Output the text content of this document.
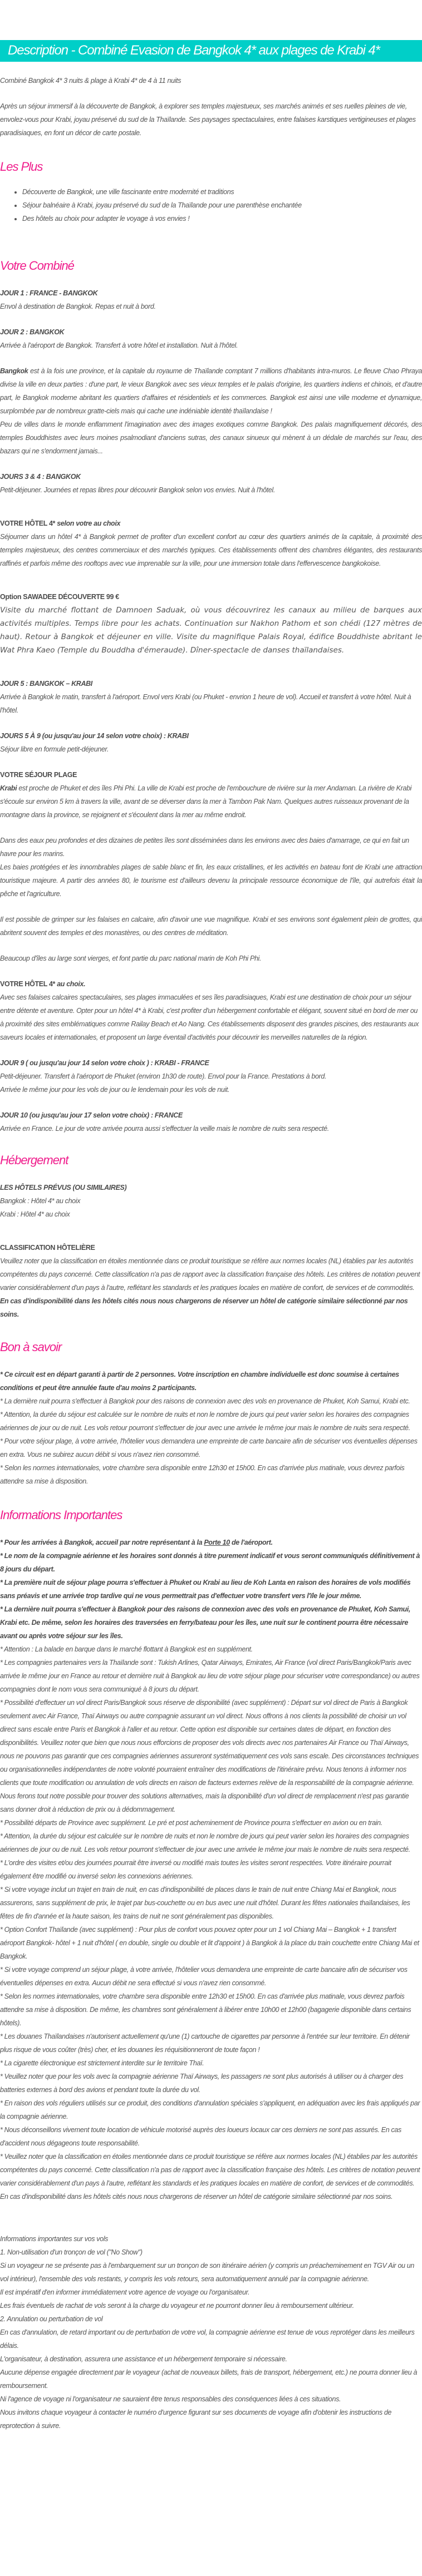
Description - Combiné Evasion de Bangkok 4* aux plages de Krabi 4*

Combiné Bangkok 4* 3 nuits & plage à Krabi 4* de 4 à 11 nuits

Après un séjour immersif à la découverte de Bangkok, à explorer ses temples majestueux, ses marchés animés et ses ruelles pleines de vie, envolez-vous pour Krabi, joyau préservé du sud de la Thaïlande. Ses paysages spectaculaires, entre falaises karstiques vertigineuses et plages paradisiaques, en font un décor de carte postale.

Les Plus
• Découverte de Bangkok, une ville fascinante entre modernité et traditions
• Séjour balnéaire à Krabi, joyau préservé du sud de la Thaïlande pour une parenthèse enchantée
• Des hôtels au choix pour adapter le voyage à vos envies !
Votre Combiné

JOUR 1 : FRANCE - BANGKOK

Envol à destination de Bangkok. Repas et nuit à bord.

JOUR 2 : BANGKOK

Arrivée à l'aéroport de Bangkok. Transfert à votre hôtel et installation. Nuit à l'hôtel.

Bangkok est à la fois une province, et la capitale du royaume de Thaïlande comptant 7 millions d'habitants intra-muros. Le fleuve Chao Phraya divise la ville en deux parties : d'une part, le vieux Bangkok avec ses vieux temples et le palais d'origine, les quartiers indiens et chinois, et d'autre part, le Bangkok moderne abritant les quartiers d'affaires et résidentiels et les commerces. Bangkok est ainsi une ville moderne et dynamique, surplombée par de nombreux gratte-ciels mais qui cache une indéniable identité thaïlandaise !

Peu de villes dans le monde enflamment l'imagination avec des images exotiques comme Bangkok. Des palais magnifiquement décorés, des temples Bouddhistes avec leurs moines psalmodiant d'anciens sutras, des canaux sinueux qui mènent à un dédale de marchés sur l'eau, des bazars qui ne s'endorment jamais...

JOURS 3 & 4 : BANGKOK

Petit-déjeuner. Journées et repas libres pour découvrir Bangkok selon vos envies. Nuit à l'hôtel.

VOTRE HÔTEL 4* selon votre au choix

Séjourner dans un hôtel 4* à Bangkok permet de profiter d'un excellent confort au cœur des quartiers animés de la capitale, à proximité des temples majestueux, des centres commerciaux et des marchés typiques. Ces établissements offrent des chambres élégantes, des restaurants raffinés et parfois même des rooftops avec vue imprenable sur la ville, pour une immersion totale dans l'effervescence bangkokoise.

Option SAWADEE DÉCOUVERTE 99 €

Visite du marché flottant de Damnoen Saduak, où vous découvrirez les canaux au milieu de barques aux activités multiples. Temps libre pour les achats. Continuation sur Nakhon Pathom et son chédi (127 mètres de haut). Retour à Bangkok et déjeuner en ville. Visite du magnifique Palais Royal, édifice Bouddhiste abritant le Wat Phra Kaeo (Temple du Bouddha d'émeraude). Dîner-spectacle de danses thaïlandaises.

JOUR 5 : BANGKOK – KRABI

Arrivée à Bangkok le matin, transfert à l'aéroport. Envol vers Krabi (ou Phuket - envrion 1 heure de vol). Accueil et transfert à votre hôtel. Nuit à l'hôtel.

JOURS 5 À 9 (ou jusqu'au jour 14 selon votre choix) : KRABI

Séjour libre en formule petit-déjeuner.

VOTRE SÉJOUR PLAGE

Krabi est proche de Phuket et des îles Phi Phi. La ville de Krabi est proche de l'embouchure de rivière sur la mer Andaman. La rivière de Krabi s'écoule sur environ 5 km à travers la ville, avant de se déverser dans la mer à Tambon Pak Nam. Quelques autres ruisseaux provenant de la montagne dans la province, se rejoignent et s'écoulent dans la mer au même endroit.

Dans des eaux peu profondes et des dizaines de petites îles sont disséminées dans les environs avec des baies d'amarrage, ce qui en fait un havre pour les marins.

Les baies protégées et les innombrables plages de sable blanc et fin, les eaux cristallines, et les activités en bateau font de Krabi une attraction touristique majeure. A partir des années 80, le tourisme est d'ailleurs devenu la principale ressource économique de l'île, qui autrefois était la pêche et l'agriculture.

Il est possible de grimper sur les falaises en calcaire, afin d'avoir une vue magnifique. Krabi et ses environs sont également plein de grottes, qui abritent souvent des temples et des monastères, ou des centres de méditation.

Beaucoup d'îles au large sont vierges, et font partie du parc national marin de Koh Phi Phi.

VOTRE HÔTEL 4* au choix.

Avec ses falaises calcaires spectaculaires, ses plages immaculées et ses îles paradisiaques, Krabi est une destination de choix pour un séjour entre détente et aventure. Opter pour un hôtel 4* à Krabi, c'est profiter d'un hébergement confortable et élégant, souvent situé en bord de mer ou à proximité des sites emblématiques comme Railay Beach et Ao Nang. Ces établissements disposent des grandes piscines, des restaurants aux saveurs locales et internationales, et proposent un large éventail d'activités pour découvrir les merveilles naturelles de la région.

JOUR 9 ( ou jusqu'au jour 14 selon votre choix ) : KRABI - FRANCE

Petit-déjeuner. Transfert à l'aéroport de Phuket (environ 1h30 de route). Envol pour la France. Prestations à bord.

Arrivée le même jour pour les vols de jour ou le lendemain pour les vols de nuit.

JOUR 10 (ou jusqu'au jour 17 selon votre choix) : FRANCE

Arrivée en France. Le jour de votre arrivée pourra aussi s'effectuer la veille mais le nombre de nuits sera respecté.

Hébergement

LES HÔTELS PRÉVUS (OU SIMILAIRES)

Bangkok : Hôtel 4* au choix

Krabi : Hôtel 4* au choix

CLASSIFICATION HÔTELIÈRE

Veuillez noter que la classification en étoiles mentionnée dans ce produit touristique se réfère aux normes locales (NL) établies par les autorités compétentes du pays concerné. Cette classification n'a pas de rapport avec la classification française des hôtels. Les critères de notation peuvent varier considérablement d'un pays à l'autre, reflétant les standards et les pratiques locales en matière de confort, de services et de commodités.

En cas d'indisponibilité dans les hôtels cités nous nous chargerons de réserver un hôtel de catégorie similaire sélectionné par nos soins.

Bon à savoir

* Ce circuit est en départ garanti à partir de 2 personnes. Votre inscription en chambre individuelle est donc soumise à certaines conditions et peut être annulée faute d'au moins 2 participants.

* La dernière nuit pourra s'effectuer à Bangkok pour des raisons de connexion avec des vols en provenance de Phuket, Koh Samui, Krabi etc.

* Attention, la durée du séjour est calculée sur le nombre de nuits et non le nombre de jours qui peut varier selon les horaires des compagnies aériennes de jour ou de nuit. Les vols retour pourront s'effectuer de jour avec une arrivée le même jour mais le nombre de nuits sera respecté.

* Pour votre séjour plage, à votre arrivée, l'hôtelier vous demandera une empreinte de carte bancaire afin de sécuriser vos éventuelles dépenses en extra. Vous ne subirez aucun débit si vous n'avez rien consommé.

* Selon les normes internationales, votre chambre sera disponible entre 12h30 et 15h00. En cas d'arrivée plus matinale, vous devrez parfois attendre sa mise à disposition.

Informations Importantes

* Pour les arrivées à Bangkok, accueil par notre représentant à la Porte 10 de l'aéroport.

* Le nom de la compagnie aérienne et les horaires sont donnés à titre purement indicatif et vous seront communiqués définitivement à 8 jours du départ.

* La première nuit de séjour plage pourra s'effectuer à Phuket ou Krabi au lieu de Koh Lanta en raison des horaires de vols modifiés sans préavis et une arrivée trop tardive qui ne vous permettrait pas d'effectuer votre transfert vers l'ïle le jour même.

* La dernière nuit pourra s'effectuer à Bangkok pour des raisons de connexion avec des vols en provenance de Phuket, Koh Samui, Krabi etc. De même, selon les horaires des traversées en ferry/bateau pour les îles, une nuit sur le continent pourra être nécessaire avant ou après votre séjour sur les îles.

* Attention : La balade en barque dans le marché flottant à Bangkok est en supplément.

* Les compagnies partenaires vers la Thaïlande sont : Tukish Arlines, Qatar Airways, Emirates, Air France (vol direct Paris/Bangkok/Paris avec arrivée le même jour en France au retour et dernière nuit à Bangkok au lieu de votre séjour plage pour sécuriser votre correspondance) ou autres compagnies dont le nom vous sera communiqué à 8 jours du départ.

* Possibilité d'effectuer un vol direct Paris/Bangkok sous réserve de disponibilité (avec supplément) : Départ sur vol direct de Paris à Bangkok seulement avec Air France, Thaï Airways ou autre compagnie assurant un vol direct. Nous offrons à nos clients la possibilité de choisir un vol direct sans escale entre Paris et Bangkok à l'aller et au retour. Cette option est disponible sur certaines dates de départ, en fonction des disponibilités. Veuillez noter que bien que nous nous efforcions de proposer des vols directs avec nos partenaires Air France ou Thaï Airways, nous ne pouvons pas garantir que ces compagnies aériennes assureront systématiquement ces vols sans escale. Des circonstances techniques ou organisationnelles indépendantes de notre volonté pourraient entraîner des modifications de l'itinéraire prévu. Nous tenons à informer nos clients que toute modification ou annulation de vols directs en raison de facteurs externes relève de la responsabilité de la compagnie aérienne. Nous ferons tout notre possible pour trouver des solutions alternatives, mais la disponibilité d'un vol direct de remplacement n'est pas garantie sans donner droit à réduction de prix ou à dédommagement.

* Possibilité départs de Province avec supplément. Le pré et post acheminement de Province pourra s'effectuer en avion ou en train.

* Attention, la durée du séjour est calculée sur le nombre de nuits et non le nombre de jours qui peut varier selon les horaires des compagnies aériennes de jour ou de nuit. Les vols retour pourront s'effectuer de jour avec une arrivée le même jour mais le nombre de nuits sera respecté.

* L'ordre des visites et/ou des journées pourrait être inversé ou modifié mais toutes les visites seront respectées. Votre itinéraire pourrait également être modifié ou inversé selon les connexions aériennes.

* Si votre voyage inclut un trajet en train de nuit, en cas d'indisponibilité de places dans le train de nuit entre Chiang Mai et Bangkok, nous assurerons, sans supplément de prix, le trajet par bus-couchette ou en bus avec une nuit d'hôtel. Durant les fêtes nationales thaïlandaises, les fêtes de fin d'année et la haute saison, les trains de nuit ne sont généralement pas disponibles.

* Option Confort Thaïlande (avec supplément) : Pour plus de confort vous pouvez opter pour un 1 vol Chiang Mai – Bangkok + 1 transfert aéroport Bangkok- hôtel + 1 nuit d'hôtel ( en double, single ou double et lit d'appoint ) à Bangkok à la place du train couchette entre Chiang Mai et Bangkok.

* Si votre voyage comprend un séjour plage, à votre arrivée, l'hôtelier vous demandera une empreinte de carte bancaire afin de sécuriser vos éventuelles dépenses en extra. Aucun débit ne sera effectué si vous n'avez rien consommé.

* Selon les normes internationales, votre chambre sera disponible entre 12h30 et 15h00. En cas d'arrivée plus matinale, vous devrez parfois attendre sa mise à disposition. De même, les chambres sont généralement à libérer entre 10h00 et 12h00 (bagagerie disponible dans certains hôtels).

* Les douanes Thaïlandaises n'autorisent actuellement qu'une (1) cartouche de cigarettes par personne à l'entrée sur leur territoire. En détenir plus risque de vous coûter (très) cher, et les douanes les réquisitionneront de toute façon !

* La cigarette électronique est strictement interdite sur le territoire Thaï.

* Veuillez noter que pour les vols avec la compagnie aérienne Thaï Airways, les passagers ne sont plus autorisés à utiliser ou à charger des batteries externes à bord des avions et pendant toute la durée du vol.

* En raison des vols réguliers utilisés sur ce produit, des conditions d'annulation spéciales s'appliquent, en adéquation avec les frais appliqués par la compagnie aérienne.

* Nous déconseillons vivement toute location de véhicule motorisé auprès des loueurs locaux car ces derniers ne sont pas assurés. En cas d'accident nous dégageons toute responsabilité.

* Veuillez noter que la classification en étoiles mentionnée dans ce produit touristique se réfère aux normes locales (NL) établies par les autorités compétentes du pays concerné. Cette classification n'a pas de rapport avec la classification française des hôtels. Les critères de notation peuvent varier considérablement d'un pays à l'autre, reflétant les standards et les pratiques locales en matière de confort, de services et de commodités. En cas d'indisponibilité dans les hôtels cités nous nous chargerons de réserver un hôtel de catégorie similaire sélectionné par nos soins.

Informations importantes sur vos vols

1. Non-utilisation d'un tronçon de vol ("No Show")

Si un voyageur ne se présente pas à l'embarquement sur un tronçon de son itinéraire aérien (y compris un préacheminement en TGV Air ou un vol intérieur), l'ensemble des vols restants, y compris les vols retours, sera automatiquement annulé par la compagnie aérienne.

Il est impératif d'en informer immédiatement votre agence de voyage ou l'organisateur.

Les frais éventuels de rachat de vols seront à la charge du voyageur et ne pourront donner lieu à remboursement ultérieur.

2. Annulation ou perturbation de vol

En cas d'annulation, de retard important ou de perturbation de votre vol, la compagnie aérienne est tenue de vous reprotéger dans les meilleurs délais.

L'organisateur, à destination, assurera une assistance et un hébergement temporaire si nécessaire.

Aucune dépense engagée directement par le voyageur (achat de nouveaux billets, frais de transport, hébergement, etc.) ne pourra donner lieu à remboursement.

Ni l'agence de voyage ni l'organisateur ne sauraient être tenus responsables des conséquences liées à ces situations.

Nous invitons chaque voyageur à contacter le numéro d'urgence figurant sur ses documents de voyage afin d'obtenir les instructions de reprotection à suivre.
